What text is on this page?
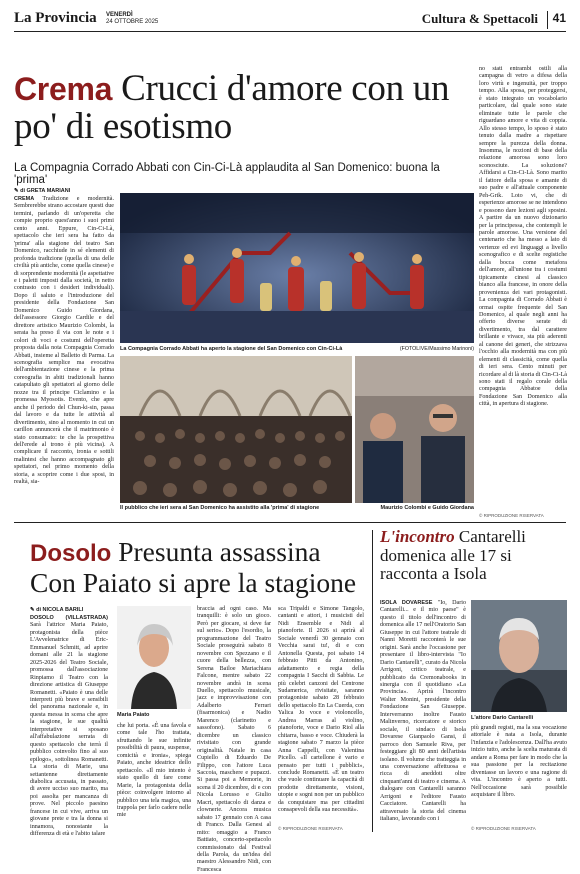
La Provincia VENERDÌ
24 OTTOBRE 2025	Cultura & Spettacoli	41
Crema Crucci d'amore con un po' di esotismo
La Compagnia Corrado Abbati con Cin-Ci-Là applaudita al San Domenico: buona la 'prima'
✎ di GRETA MARIANI
CREMA Tradizione e modernità. Sembrerebbe strano accostare questi due termini, parlando di un'operetta che compie proprio quest'anno i suoi primi cento anni. Eppure, Cin-Ci-Là, spettacolo che ieri sera ha fatto da 'prima' alla stagione del teatro San Domenico, racchiude in sé elementi di profonda tradizione (quella di una delle civiltà più antiche, come quella cinese) e di sorprendente modernità (le aspettative e i paletti imposti dalla società, in netto contrasto con i desideri individuali). Dopo il saluto e l'introduzione del presidente della Fondazione San Domenico Guido Giordana, dell'assessore Giorgio Cardile e del direttore artistico Maurizio Colombi, la serata ha preso il via con le note e i colori di voci e costumi dell'operetta proposta dalla nota Compagnia Corrado Abbati, insieme al Balletto di Parma. La scenografia semplice ma evocativa dell'ambientazione cinese e la prima coreografia in abiti tradizionali hanno catapultato gli spettatori al giorno delle nozze tra il principe Ciclamino e la promessa Myosotis. Evento, che apre anche il periodo del Chun-ki-sin, passa dal lavoro e da tutte le attività al divertimento, sino al momento in cui un carillon annuncerà che il matrimonio è stato consumato: te che la prospettiva dell'erede al trono è più vicina). A complicare il racconto, ironia e sottili malintesi che hanno accompagnato gli spettatori, nel primo momento della storia, a scoprire come i due sposi, in realtà, sia-
La Compagnia Corrado Abbati ha aperto la stagione del San Domenico con Cin-Ci-Là	(FOTOLIVE/Massimo Marinoni)
Il pubblico che ieri sera al San Domenico ha assistito alla 'prima' di stagione	Maurizio Colombi e Guido Giordana
no stati entrambi ostili alla campagna di vetro a difesa della loro virtù e ingenuità, per troppo tempo. Alla sposa, per proteggersi, è stato integrato un vocabolario particolare, dal quale sono state eliminate tutte le parole che riguardano amore e vita di coppia. Allo stesso tempo, lo sposo è stato tenuto dalla madre a rispettare sempre la purezza della donna. Insomma, le nozioni di base della relazione amorosa sono loro sconosciute. La soluzione? Affidarsi a Cin-Ci-Là. Sono marito il fattore della sposa e amante di suo padre e all'attuale componente Peh-Grik. Loto vi, che di esperienze amorose se ne intendono e possono dare lezioni agli sposini. A partire da un nuovo dizionario per la principessa, che contempli le parole amorose. Una versione del centenario che ha messo a lato di vertenze ed evi linguaggi a livello scenografico e di scelte registiche dalla bocca come metafora dell'amore, all'unione tra i costumi tipicamente cinesi al classico bianco alla francese, in onore della provenienza dei vari protagonisti. La compagnia di Corrado Abbati è ormai ospite frequente del San Domenico, al quale negli anni ha offerto diverse serate di divertimento, tra dal carattere brillante e vivace, sta più aderenti al canone dei generi, che strizzava l'occhio alla modernità ma con più elementi di classicità, come quella di ieri sera. Cento minuti per ricordare al di là storia di Cin-Ci-Là sono stati il regalo corale della compagnia Abbatoe della Fondazione San Domenico alla città, in apertura di stagione.
© RIPRODUZIONE RISERVATA
Dosolo Presunta assassina Con Paiato si apre la stagione
✎ di NICOLA BARILI
DOSOLO (VILLASTRADA) Sarà l'attrice Maria Paiato, protagonista della pièce L'Avvelenatrice di Eric-Emmanuel Schmitt, ad aprire domani alle 21 la stagione 2025-2026 del Teatro Sociale, promossa dall'associazione Rinpiamo il Teatro con la direzione artistica di Giuseppe Romanetti. «Paiato è una delle interpreti più brave e sensibili del panorama nazionale e, in questa messa in scena che apre la stagione, le sue qualità interpretative si sposano all'affabulazione serrata di questo spettacolo che terrà il pubblico coinvolto fino al suo epilogo», sottolinea Romanetti. La storia di Marie, una settantenne direttamente diabolica accusata, in passato, di avere ucciso suo marito, ma poi assolta per mancanza di prove. Nel piccolo paesino francese in cui vive, arriva un giovane prete e tra la donna si innamora, nonostante la differenza di età e l'abito talare
Maria Paiato
che lui porta. «È una favola e come tale l'ho trattata, sfruttando le sue infinite possibilità di paura, suspense, comicità e ironia», spiega Paiato, anche ideatrice dello spettacolo. «Il mio intento è stato quello di fare come Marie, la protagonista della pièce: coinvolgere intorno al pubblico una tela magica, una trappola per farlo cadere nelle mie
braccia ad ogni caso. Ma tranquilli: è solo un gioco. Però per giocare, si deve far sul serio». Dopo l'esordio, la programmazione del Teatro Sociale proseguirà sabato 8 novembre con Spezzano e il cuore della bellezza, con Serena Bailoe Mariachiara Falcone, mentre sabato 22 novembre andrà in scena Duello, spettacolo musicale, jazz e improvvisazione con Adalberto Ferrari (fisarmonica) e Nadio Marenco (clarinetto e sassofono). Sabato 6 dicembre un classico rivisitato con grande originalità. Natale in casa Cupiello di Eduardo De Filippo, con l'attore Luca Saccoia, maschere e pupazzi. Si passa poi a Memorie, in scena il 20 dicembre, di e con Nicola Lorusso e Giulio Macri, spettacolo di danza e clownerie. Ancora musica sabato 17 gennaio con A casa di Franco. Dalla Genesi al mito: omaggio a Franco Battiato, concerto-spettacolo commissionato dal Festival della Parola, da un'idea del maestro Alessandro Nidi, con Francesca
sca Tripaldi e Simone Tangolo, cantanti e attori, i musicisti del Nidi Ensemble e Nidi al pianoforte. Il 2026 si aprirà al Sociale venerdì 30 gennaio con Vecchia sarai tu!, di e con Antonella Questa, poi sabato 14 febbraio Pitti da Antonino, adattamento e regia della compagnia I Sacchi di Sabbia. Le più celebri canzoni del Centrone Sudamerica, rivisitate, saranno protagoniste sabato 28 febbraio dello spettacolo En La Cuerda, con Yalica Jo voce e violoncello, Andrea Marras al violino, pianoforte, voce e Dario Riol alla chitarra, basso e voce. Chiuderà la stagione sabato 7 marzo la pièce Anna Cappelli, con Valentina Picello. «Il cartellone è vario e pensato per tutti i pubblici», conclude Romanetti. «È un teatro che vuole continuare la capacità di prodotte direttamente, visioni, utopie e sogni non per un pubblico da conquistare ma per cittadini consapevoli della sua necessità».
© RIPRODUZIONE RISERVATA
L'incontro Cantarelli domenica alle 17 si racconta a Isola
ISOLA DOVARESE "Io, Dario Cantarelli... e il mio paese" è questo il titolo dell'incontro di domenica alle 17 nell'Oratorio San Giuseppe in cui l'attore teatrale di Nanni Moretti racconterà le sue origini. Sarà anche l'occasione per presentare il libro-intervista "Io Dario Cantarelli", curato da Nicola Arrigoni, critico teatrale, e pubblicato da Cremonabooks in sinergia con il quotidiano «La Provincia». Aprirà l'incontro Walter Monini, presidente della Fondazione San Giuseppe. Interverranno inoltre Fausto Malinverno, ricercatore e storico sociale, il sindaco di Isola Dovarese Gianpaolo Gansi, il parroco don Samuele Riva, per festeggiare gli 80 anni dell'artista isolano. Il volume che tratteggia in una conversazione affettuosa e ricca di aneddoti oltre cinquant'anni di teatro e cinema. A dialogare con Cantarelli saranno Arrigoni e l'editore Fausto Cacciatore. Cantarelli ha attraversato la storia del cinema italiano, lavorando con i
L'attore Dario Cantarelli
più grandi registi, ma la sua vocazione attoriale è nata a Isola, durante l'infanzia e l'adolescenza. Dall'ha avuto inizio tutto, anche la scelta maturata di andare a Roma per fare in modo che la sua passione per la recitazione diventasse un lavoro e una ragione di vita. L'incontro è aperto a tutti. Nell'occasione sarà possibile acquistare il libro.
© RIPRODUZIONE RISERVATA
